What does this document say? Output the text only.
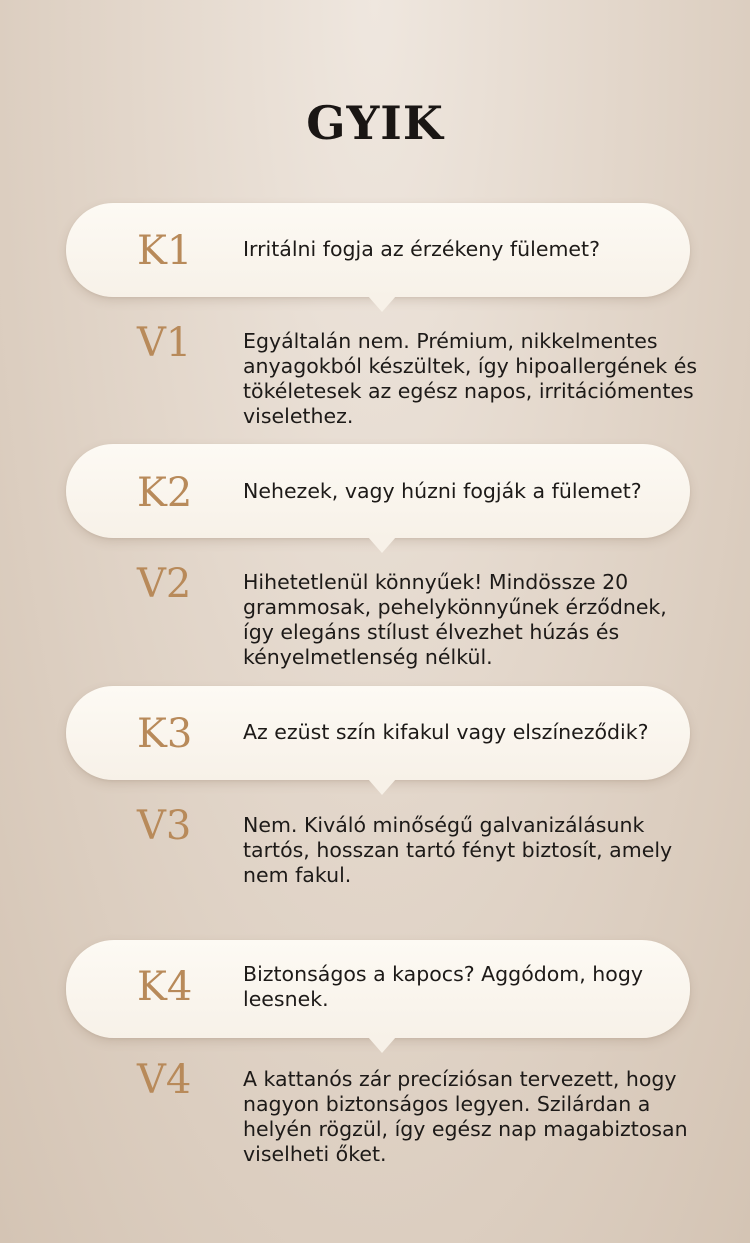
GYIK
K1 Irritálni fogja az érzékeny fülemet?
V1	Egyáltalán nem. Prémium, nikkelmentes anyagokból készültek, így hipoallergének és tökéletesek az egész napos, irritációmentes viselethez.
K2 Nehezek, vagy húzni fogják a fülemet?
V2	Hihetetlenül könnyűek! Mindössze 20 grammosak, pehelykönnyűnek érződnek, így elegáns stílust élvezhet húzás és kényelmetlenség nélkül.
K3 Az ezüst szín kifakul vagy elszíneződik?
V3	Nem. Kiváló minőségű galvanizálásunk tartós, hosszan tartó fényt biztosít, amely nem fakul.
K4 Biztonságos a kapocs? Aggódom, hogy leesnek.
V4	A kattanós zár precíziósan tervezett, hogy nagyon biztonságos legyen. Szilárdan a helyén rögzül, így egész nap magabiztosan viselheti őket.
